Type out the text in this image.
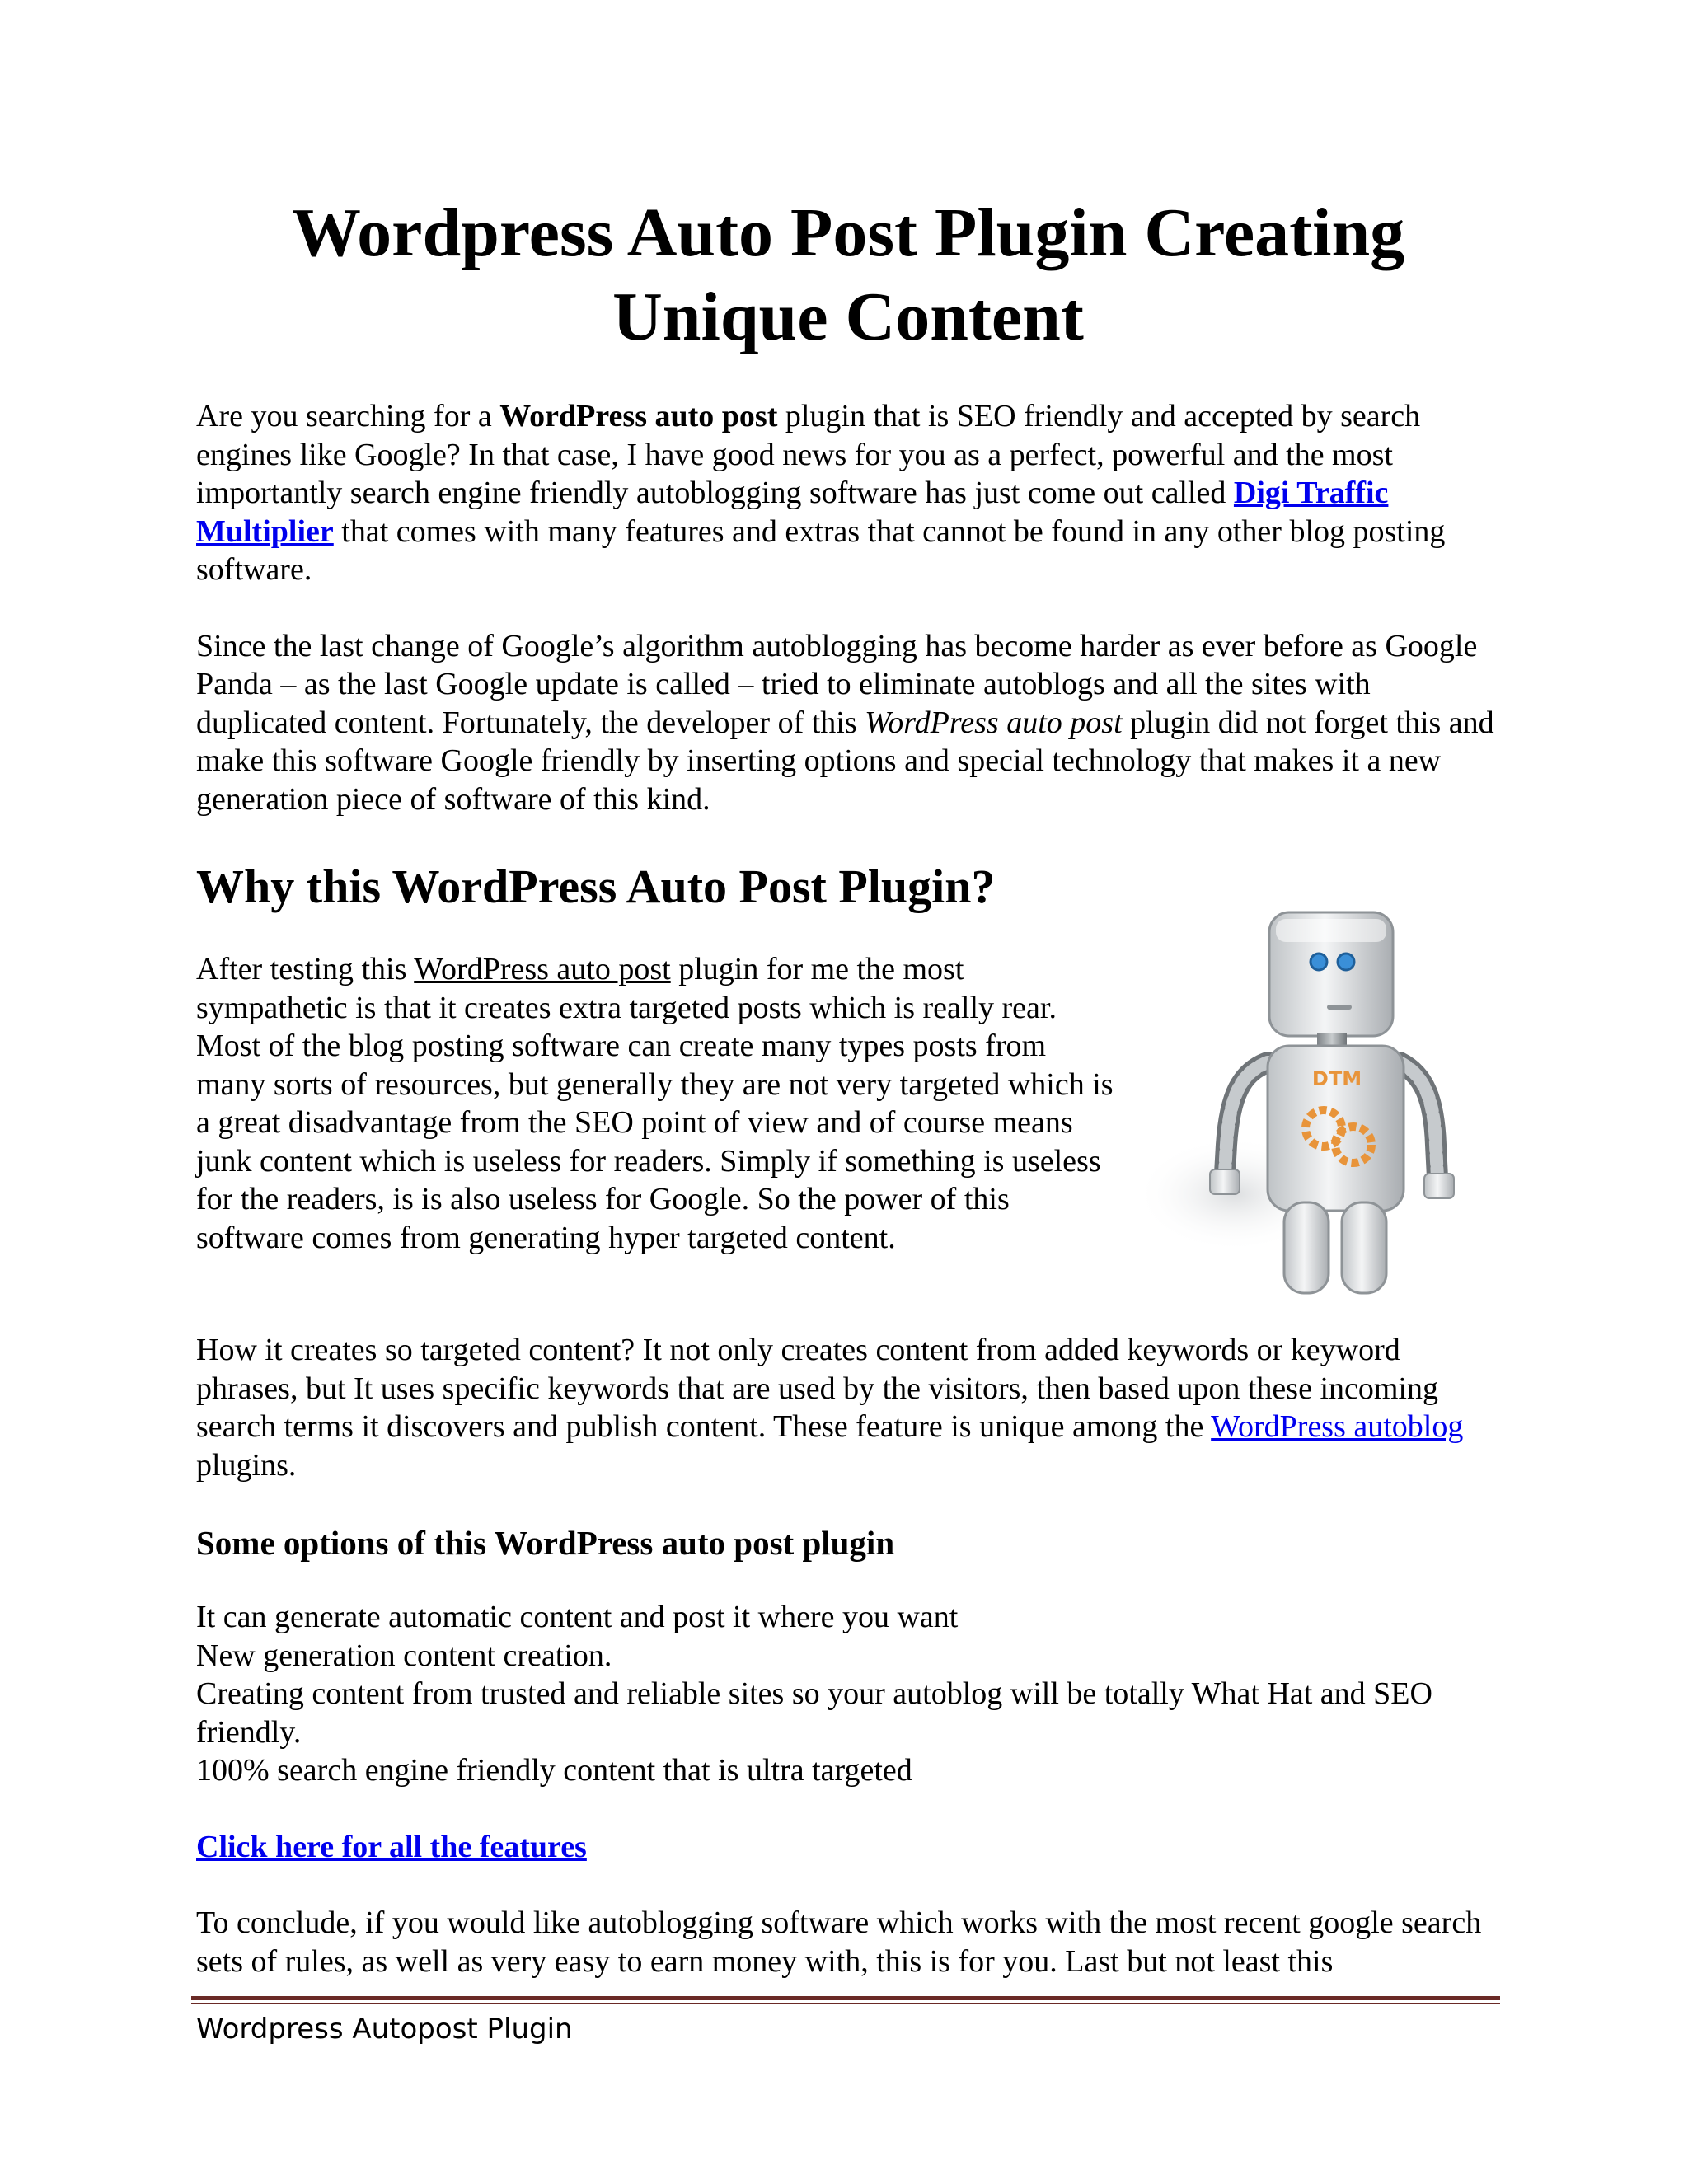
Wordpress Auto Post Plugin Creating Unique Content

Are you searching for a WordPress auto post plugin that is SEO friendly and accepted by search engines like Google? In that case, I have good news for you as a perfect, powerful and the most importantly search engine friendly autoblogging software has just come out called Digi Traffic Multiplier that comes with many features and extras that cannot be found in any other blog posting software.

Since the last change of Google’s algorithm autoblogging has become harder as ever before as Google Panda – as the last Google update is called – tried to eliminate autoblogs and all the sites with duplicated content. Fortunately, the developer of this WordPress auto post plugin did not forget this and make this software Google friendly by inserting options and special technology that makes it a new generation piece of software of this kind.

Why this WordPress Auto Post Plugin?

After testing this WordPress auto post plugin for me the most sympathetic is that it creates extra targeted posts which is really rear. Most of the blog posting software can create many types posts from many sorts of resources, but generally they are not very targeted which is a great disadvantage from the SEO point of view and of course means junk content which is useless for readers. Simply if something is useless for the readers, is is also useless for Google. So the power of this software comes from generating hyper targeted content.

DTM

How it creates so targeted content? It not only creates content from added keywords or keyword phrases, but It uses specific keywords that are used by the visitors, then based upon these incoming search terms it discovers and publish content. These feature is unique among the WordPress autoblog plugins.

Some options of this WordPress auto post plugin
It can generate automatic content and post it where you want
New generation content creation.
Creating content from trusted and reliable sites so your autoblog will be totally What Hat and SEO friendly.
100% search engine friendly content that is ultra targeted

Click here for all the features

To conclude, if you would like autoblogging software which works with the most recent google search sets of rules, as well as very easy to earn money with, this is for you. Last but not least this

Wordpress Autopost Plugin
